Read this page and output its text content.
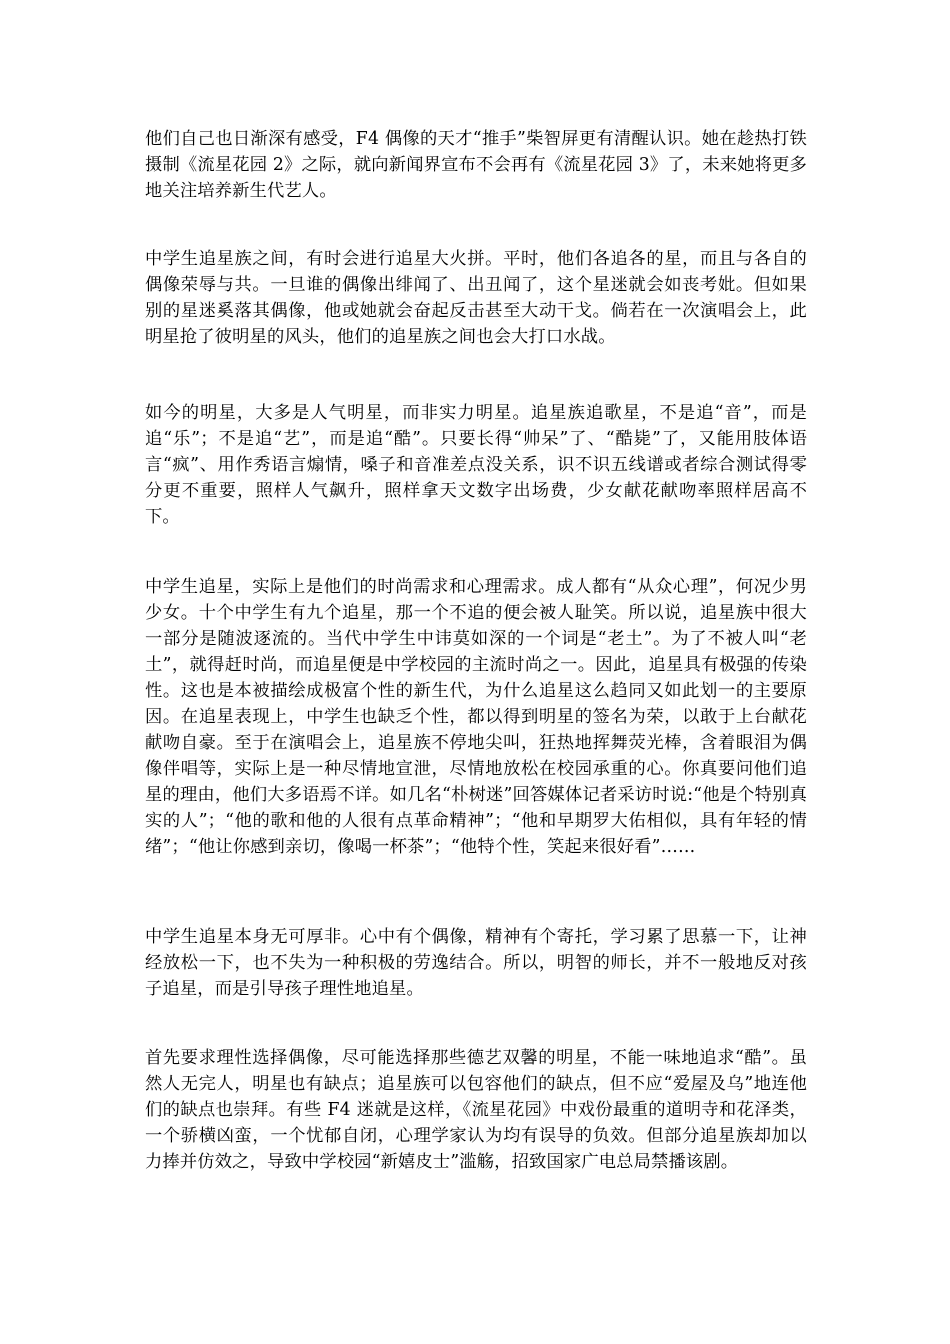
他们自己也日渐深有感受，F4 偶像的天才“推手”柴智屏更有清醒认识。她在趁热打铁摄制《流星花园 2》之际，就向新闻界宣布不会再有《流星花园 3》了，未来她将更多地关注培养新生代艺人。

中学生追星族之间，有时会进行追星大火拼。平时，他们各追各的星，而且与各自的偶像荣辱与共。一旦谁的偶像出绯闻了、出丑闻了，这个星迷就会如丧考妣。但如果别的星迷奚落其偶像，他或她就会奋起反击甚至大动干戈。倘若在一次演唱会上，此明星抢了彼明星的风头，他们的追星族之间也会大打口水战。

如今的明星，大多是人气明星，而非实力明星。追星族追歌星，不是追“音”，而是追“乐”；不是追“艺”，而是追“酷”。只要长得“帅呆”了、“酷毙”了，又能用肢体语言“疯”、用作秀语言煽情，嗓子和音准差点没关系，识不识五线谱或者综合测试得零分更不重要，照样人气飙升，照样拿天文数字出场费，少女献花献吻率照样居高不下。

中学生追星，实际上是他们的时尚需求和心理需求。成人都有“从众心理”，何况少男少女。十个中学生有九个追星，那一个不追的便会被人耻笑。所以说，追星族中很大一部分是随波逐流的。当代中学生中讳莫如深的一个词是“老土”。为了不被人叫“老土”，就得赶时尚，而追星便是中学校园的主流时尚之一。因此，追星具有极强的传染性。这也是本被描绘成极富个性的新生代，为什么追星这么趋同又如此划一的主要原因。在追星表现上，中学生也缺乏个性，都以得到明星的签名为荣，以敢于上台献花献吻自豪。至于在演唱会上，追星族不停地尖叫，狂热地挥舞荧光棒，含着眼泪为偶像伴唱等，实际上是一种尽情地宣泄，尽情地放松在校园承重的心。你真要问他们追星的理由，他们大多语焉不详。如几名“朴树迷”回答媒体记者采访时说:“他是个特别真实的人”；“他的歌和他的人很有点革命精神”；“他和早期罗大佑相似，具有年轻的情绪”；“他让你感到亲切，像喝一杯茶”；“他特个性，笑起来很好看”……

中学生追星本身无可厚非。心中有个偶像，精神有个寄托，学习累了思慕一下，让神经放松一下，也不失为一种积极的劳逸结合。所以，明智的师长，并不一般地反对孩子追星，而是引导孩子理性地追星。

首先要求理性选择偶像，尽可能选择那些德艺双馨的明星，不能一味地追求“酷”。虽然人无完人，明星也有缺点；追星族可以包容他们的缺点，但不应“爱屋及乌”地连他们的缺点也崇拜。有些 F4 迷就是这样，《流星花园》中戏份最重的道明寺和花泽类，一个骄横凶蛮，一个忧郁自闭，心理学家认为均有误导的负效。但部分追星族却加以力捧并仿效之，导致中学校园“新嬉皮士”滥觞，招致国家广电总局禁播该剧。
